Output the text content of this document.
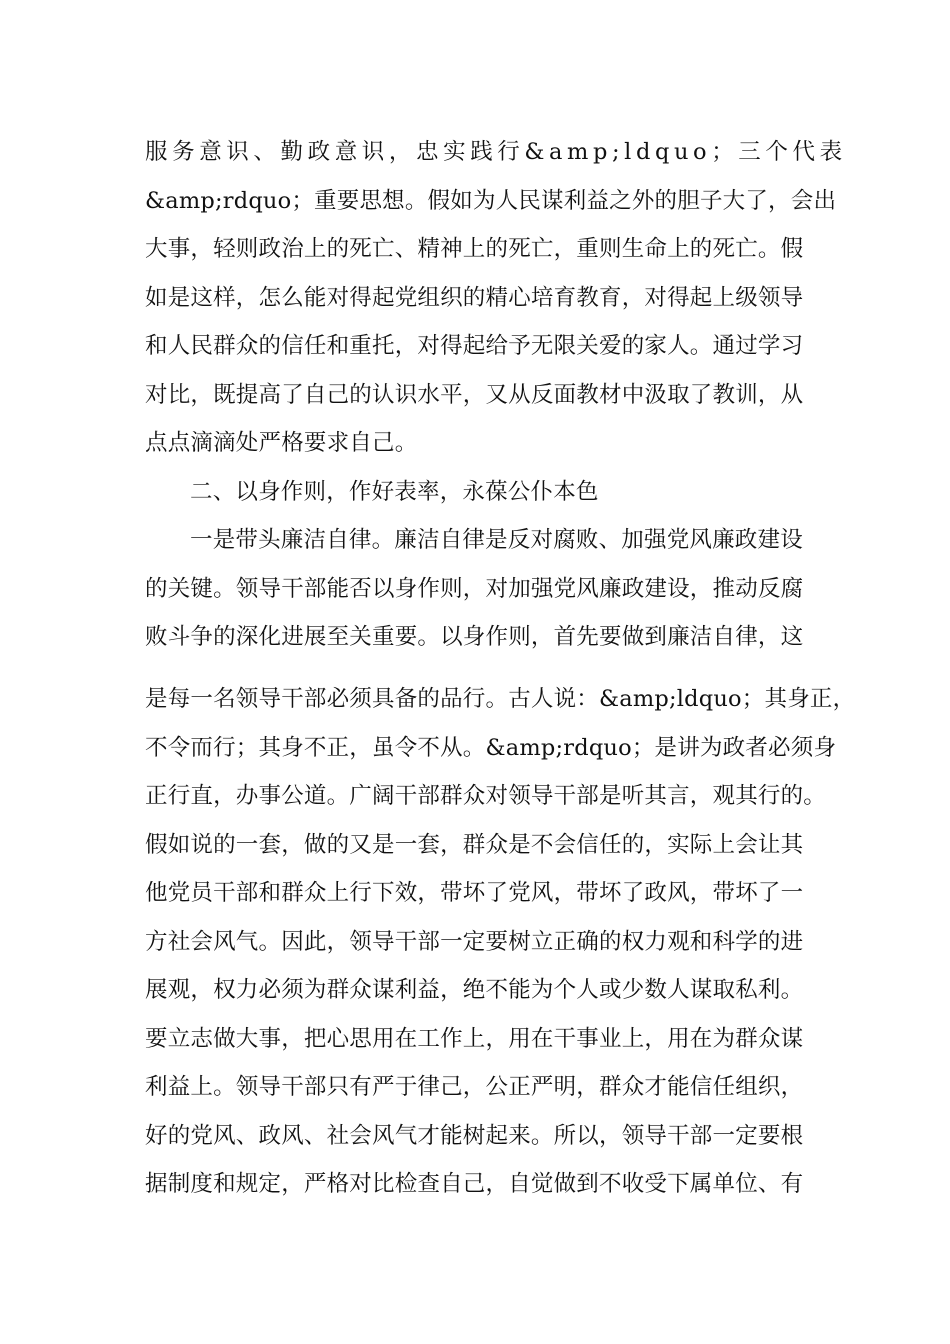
服务意识、勤政意识，忠实践行&amp;ldquo；三个代表
&amp;rdquo；重要思想。假如为人民谋利益之外的胆子大了，会出
大事，轻则政治上的死亡、精神上的死亡，重则生命上的死亡。假
如是这样，怎么能对得起党组织的精心培育教育，对得起上级领导
和人民群众的信任和重托，对得起给予无限关爱的家人。通过学习
对比，既提高了自己的认识水平，又从反面教材中汲取了教训，从
点点滴滴处严格要求自己。
二、以身作则，作好表率，永葆公仆本色
一是带头廉洁自律。廉洁自律是反对腐败、加强党风廉政建设
的关键。领导干部能否以身作则，对加强党风廉政建设，推动反腐
败斗争的深化进展至关重要。以身作则，首先要做到廉洁自律，这
是每一名领导干部必须具备的品行。古人说：&amp;ldquo；其身正，
不令而行；其身不正，虽令不从。&amp;rdquo；是讲为政者必须身
正行直，办事公道。广阔干部群众对领导干部是听其言，观其行的。
假如说的一套，做的又是一套，群众是不会信任的，实际上会让其
他党员干部和群众上行下效，带坏了党风，带坏了政风，带坏了一
方社会风气。因此，领导干部一定要树立正确的权力观和科学的进
展观，权力必须为群众谋利益，绝不能为个人或少数人谋取私利。
要立志做大事，把心思用在工作上，用在干事业上，用在为群众谋
利益上。领导干部只有严于律己，公正严明，群众才能信任组织，
好的党风、政风、社会风气才能树起来。所以，领导干部一定要根
据制度和规定，严格对比检查自己，自觉做到不收受下属单位、有
